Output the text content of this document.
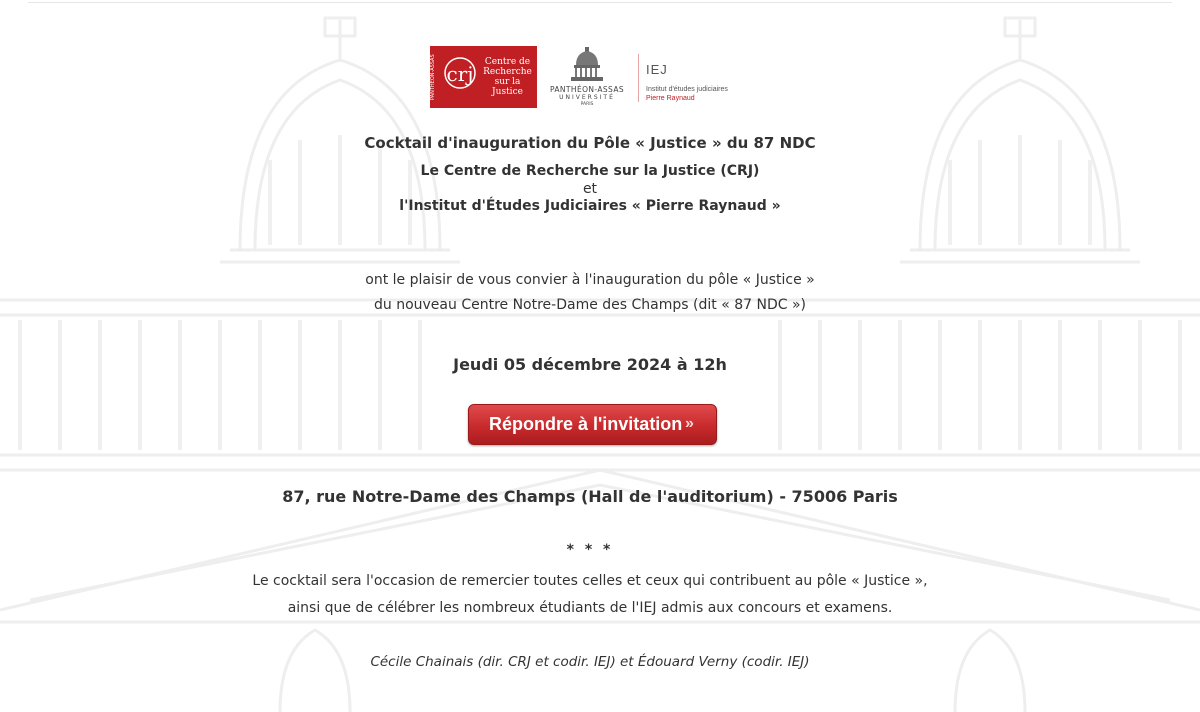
PANTHÉON-ASSAS crj	Centre de
Recherche
sur la Justice	PANTHÉON-ASSAS
UNIVERSITÉ
PARIS
IEJ
Institut d'études judiciaires
Pierre Raynaud
Cocktail d'inauguration du Pôle « Justice » du 87 NDC
Le Centre de Recherche sur la Justice (CRJ)
et
l'Institut d'Études Judiciaires « Pierre Raynaud »
ont le plaisir de vous convier à l'inauguration du pôle « Justice »
du nouveau Centre Notre-Dame des Champs (dit « 87 NDC »)
Jeudi 05 décembre 2024 à 12h
Répondre à l'invitation »
87, rue Notre-Dame des Champs (Hall de l'auditorium) - 75006 Paris
* * *
Le cocktail sera l'occasion de remercier toutes celles et ceux qui contribuent au pôle « Justice »,
ainsi que de célébrer les nombreux étudiants de l'IEJ admis aux concours et examens.
Cécile Chainais (dir. CRJ et codir. IEJ) et Édouard Verny (codir. IEJ)
